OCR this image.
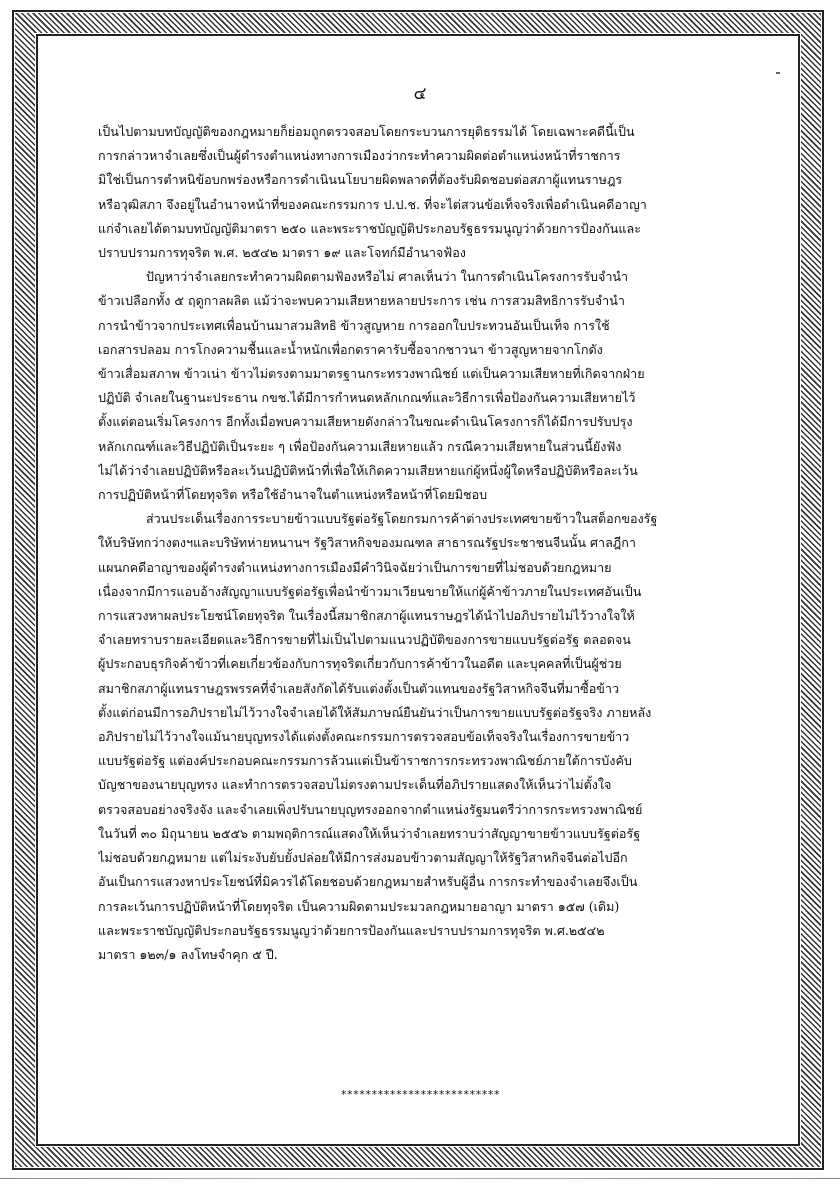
๔
เป็นไปตามบทบัญญัติของกฎหมายก็ย่อมถูกตรวจสอบโดยกระบวนการยุติธรรมได้ โดยเฉพาะคดีนี้เป็น
การกล่าวหาจำเลยซึ่งเป็นผู้ดำรงตำแหน่งทางการเมืองว่ากระทำความผิดต่อตำแหน่งหน้าที่ราชการ
มิใช่เป็นการตำหนิข้อบกพร่องหรือการดำเนินนโยบายผิดพลาดที่ต้องรับผิดชอบต่อสภาผู้แทนราษฎร
หรือวุฒิสภา จึงอยู่ในอำนาจหน้าที่ของคณะกรรมการ ป.ป.ช. ที่จะไต่สวนข้อเท็จจริงเพื่อดำเนินคดีอาญา
แก่จำเลยได้ตามบทบัญญัติมาตรา ๒๕๐ และพระราชบัญญัติประกอบรัฐธรรมนูญว่าด้วยการป้องกันและ
ปราบปรามการทุจริต พ.ศ. ๒๕๔๒ มาตรา ๑๙ และโจทก์มีอำนาจฟ้อง
ปัญหาว่าจำเลยกระทำความผิดตามฟ้องหรือไม่ ศาลเห็นว่า ในการดำเนินโครงการรับจำนำ
ข้าวเปลือกทั้ง ๕ ฤดูกาลผลิต แม้ว่าจะพบความเสียหายหลายประการ เช่น การสวมสิทธิการรับจำนำ
การนำข้าวจากประเทศเพื่อนบ้านมาสวมสิทธิ ข้าวสูญหาย การออกใบประทวนอันเป็นเท็จ การใช้
เอกสารปลอม การโกงความชื้นและน้ำหนักเพื่อกดราคารับซื้อจากชาวนา ข้าวสูญหายจากโกดัง
ข้าวเสื่อมสภาพ ข้าวเน่า ข้าวไม่ตรงตามมาตรฐานกระทรวงพาณิชย์ แต่เป็นความเสียหายที่เกิดจากฝ่าย
ปฏิบัติ จำเลยในฐานะประธาน กขช.ได้มีการกำหนดหลักเกณฑ์และวิธีการเพื่อป้องกันความเสียหายไว้
ตั้งแต่ตอนเริ่มโครงการ อีกทั้งเมื่อพบความเสียหายดังกล่าวในขณะดำเนินโครงการก็ได้มีการปรับปรุง
หลักเกณฑ์และวิธีปฏิบัติเป็นระยะ ๆ เพื่อป้องกันความเสียหายแล้ว กรณีความเสียหายในส่วนนี้ยังฟัง
ไม่ได้ว่าจำเลยปฏิบัติหรือละเว้นปฏิบัติหน้าที่เพื่อให้เกิดความเสียหายแก่ผู้หนึ่งผู้ใดหรือปฏิบัติหรือละเว้น
การปฏิบัติหน้าที่โดยทุจริต หรือใช้อำนาจในตำแหน่งหรือหน้าที่โดยมิชอบ
ส่วนประเด็นเรื่องการระบายข้าวแบบรัฐต่อรัฐโดยกรมการค้าต่างประเทศขายข้าวในสต็อกของรัฐ
ให้บริษัทกว่างตงฯและบริษัทห่ายหนานฯ รัฐวิสาหกิจของมณฑล สาธารณรัฐประชาชนจีนนั้น ศาลฎีกา
แผนกคดีอาญาของผู้ดำรงตำแหน่งทางการเมืองมีคำวินิจฉัยว่าเป็นการขายที่ไม่ชอบด้วยกฎหมาย
เนื่องจากมีการแอบอ้างสัญญาแบบรัฐต่อรัฐเพื่อนำข้าวมาเวียนขายให้แก่ผู้ค้าข้าวภายในประเทศอันเป็น
การแสวงหาผลประโยชน์โดยทุจริต ในเรื่องนี้สมาชิกสภาผู้แทนราษฎรได้นำไปอภิปรายไม่ไว้วางใจให้
จำเลยทราบรายละเอียดและวิธีการขายที่ไม่เป็นไปตามแนวปฏิบัติของการขายแบบรัฐต่อรัฐ ตลอดจน
ผู้ประกอบธุรกิจค้าข้าวที่เคยเกี่ยวข้องกับการทุจริตเกี่ยวกับการค้าข้าวในอดีต และบุคคลที่เป็นผู้ช่วย
สมาชิกสภาผู้แทนราษฎรพรรคที่จำเลยสังกัดได้รับแต่งตั้งเป็นตัวแทนของรัฐวิสาหกิจจีนที่มาซื้อข้าว
ตั้งแต่ก่อนมีการอภิปรายไม่ไว้วางใจจำเลยได้ให้สัมภาษณ์ยืนยันว่าเป็นการขายแบบรัฐต่อรัฐจริง ภายหลัง
อภิปรายไม่ไว้วางใจแม้นายบุญทรงได้แต่งตั้งคณะกรรมการตรวจสอบข้อเท็จจริงในเรื่องการขายข้าว
แบบรัฐต่อรัฐ แต่องค์ประกอบคณะกรรมการล้วนแต่เป็นข้าราชการกระทรวงพาณิชย์ภายใต้การบังคับ
บัญชาของนายบุญทรง และทำการตรวจสอบไม่ตรงตามประเด็นที่อภิปรายแสดงให้เห็นว่าไม่ตั้งใจ
ตรวจสอบอย่างจริงจัง และจำเลยเพิ่งปรับนายบุญทรงออกจากตำแหน่งรัฐมนตรีว่าการกระทรวงพาณิชย์
ในวันที่ ๓๐ มิถุนายน ๒๕๕๖ ตามพฤติการณ์แสดงให้เห็นว่าจำเลยทราบว่าสัญญาขายข้าวแบบรัฐต่อรัฐ
ไม่ชอบด้วยกฎหมาย แต่ไม่ระงับยับยั้งปล่อยให้มีการส่งมอบข้าวตามสัญญาให้รัฐวิสาหกิจจีนต่อไปอีก
อันเป็นการแสวงหาประโยชน์ที่มิควรได้โดยชอบด้วยกฎหมายสำหรับผู้อื่น การกระทำของจำเลยจึงเป็น
การละเว้นการปฏิบัติหน้าที่โดยทุจริต เป็นความผิดตามประมวลกฎหมายอาญา มาตรา ๑๕๗ (เดิม)
และพระราชบัญญัติประกอบรัฐธรรมนูญว่าด้วยการป้องกันและปราบปรามการทุจริต พ.ศ.๒๕๔๒
มาตรา ๑๒๓/๑ ลงโทษจำคุก ๕ ปี.
**************************
